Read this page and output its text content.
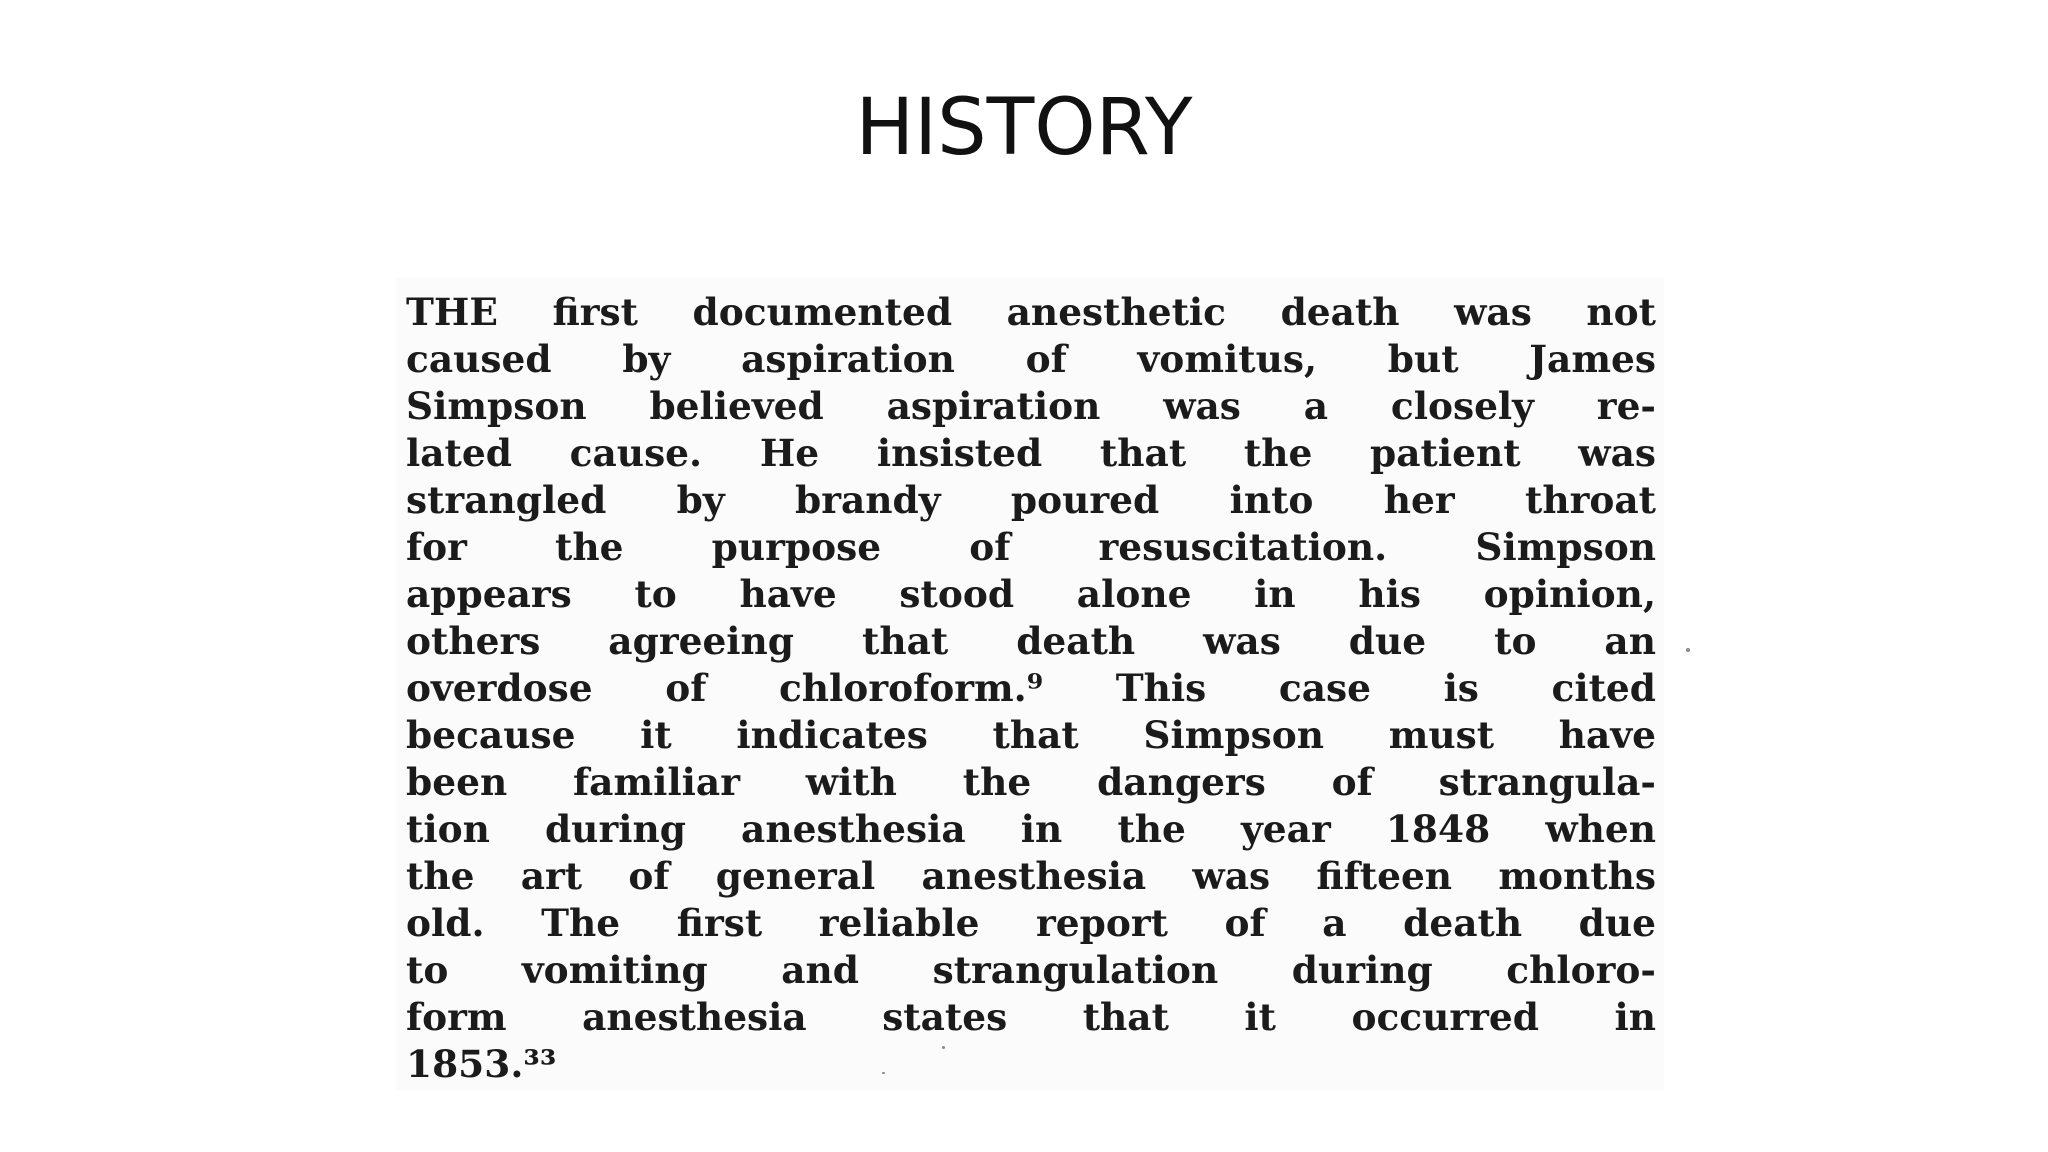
HISTORY
THE first documented anesthetic death was not
caused by aspiration of vomitus, but James
Simpson believed aspiration was a closely re-
lated cause. He insisted that the patient was
strangled by brandy poured into her throat
for the purpose of resuscitation. Simpson
appears to have stood alone in his opinion,
others agreeing that death was due to an
overdose of chloroform.⁹ This case is cited
because it indicates that Simpson must have
been familiar with the dangers of strangula-
tion during anesthesia in the year 1848 when
the art of general anesthesia was fifteen months
old. The first reliable report of a death due
to vomiting and strangulation during chloro-
form anesthesia states that it occurred in
1853.³³
